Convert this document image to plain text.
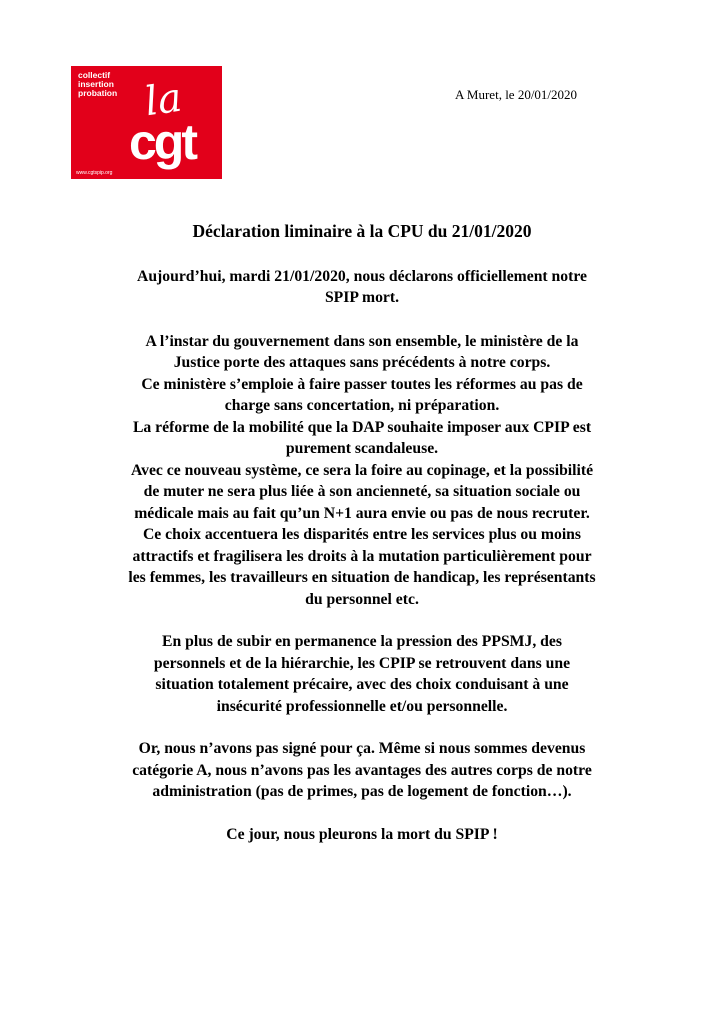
collectif
insertion
probation la
cgt
www.cgtspip.org
A Muret, le 20/01/2020

Déclaration liminaire à la CPU du 21/01/2020

Aujourd’hui, mardi 21/01/2020, nous déclarons officiellement notre
SPIP mort.

A l’instar du gouvernement dans son ensemble, le ministère de la
Justice porte des attaques sans précédents à notre corps.
Ce ministère s’emploie à faire passer toutes les réformes au pas de
charge sans concertation, ni préparation.
La réforme de la mobilité que la DAP souhaite imposer aux CPIP est
purement scandaleuse.
Avec ce nouveau système, ce sera la foire au copinage, et la possibilité
de muter ne sera plus liée à son ancienneté, sa situation sociale ou
médicale mais au fait qu’un N+1 aura envie ou pas de nous recruter.
Ce choix accentuera les disparités entre les services plus ou moins
attractifs et fragilisera les droits à la mutation particulièrement pour
les femmes, les travailleurs en situation de handicap, les représentants
du personnel etc.

En plus de subir en permanence la pression des PPSMJ, des
personnels et de la hiérarchie, les CPIP se retrouvent dans une
situation totalement précaire, avec des choix conduisant à une
insécurité professionnelle et/ou personnelle.

Or, nous n’avons pas signé pour ça. Même si nous sommes devenus
catégorie A, nous n’avons pas les avantages des autres corps de notre
administration (pas de primes, pas de logement de fonction…).

Ce jour, nous pleurons la mort du SPIP !
